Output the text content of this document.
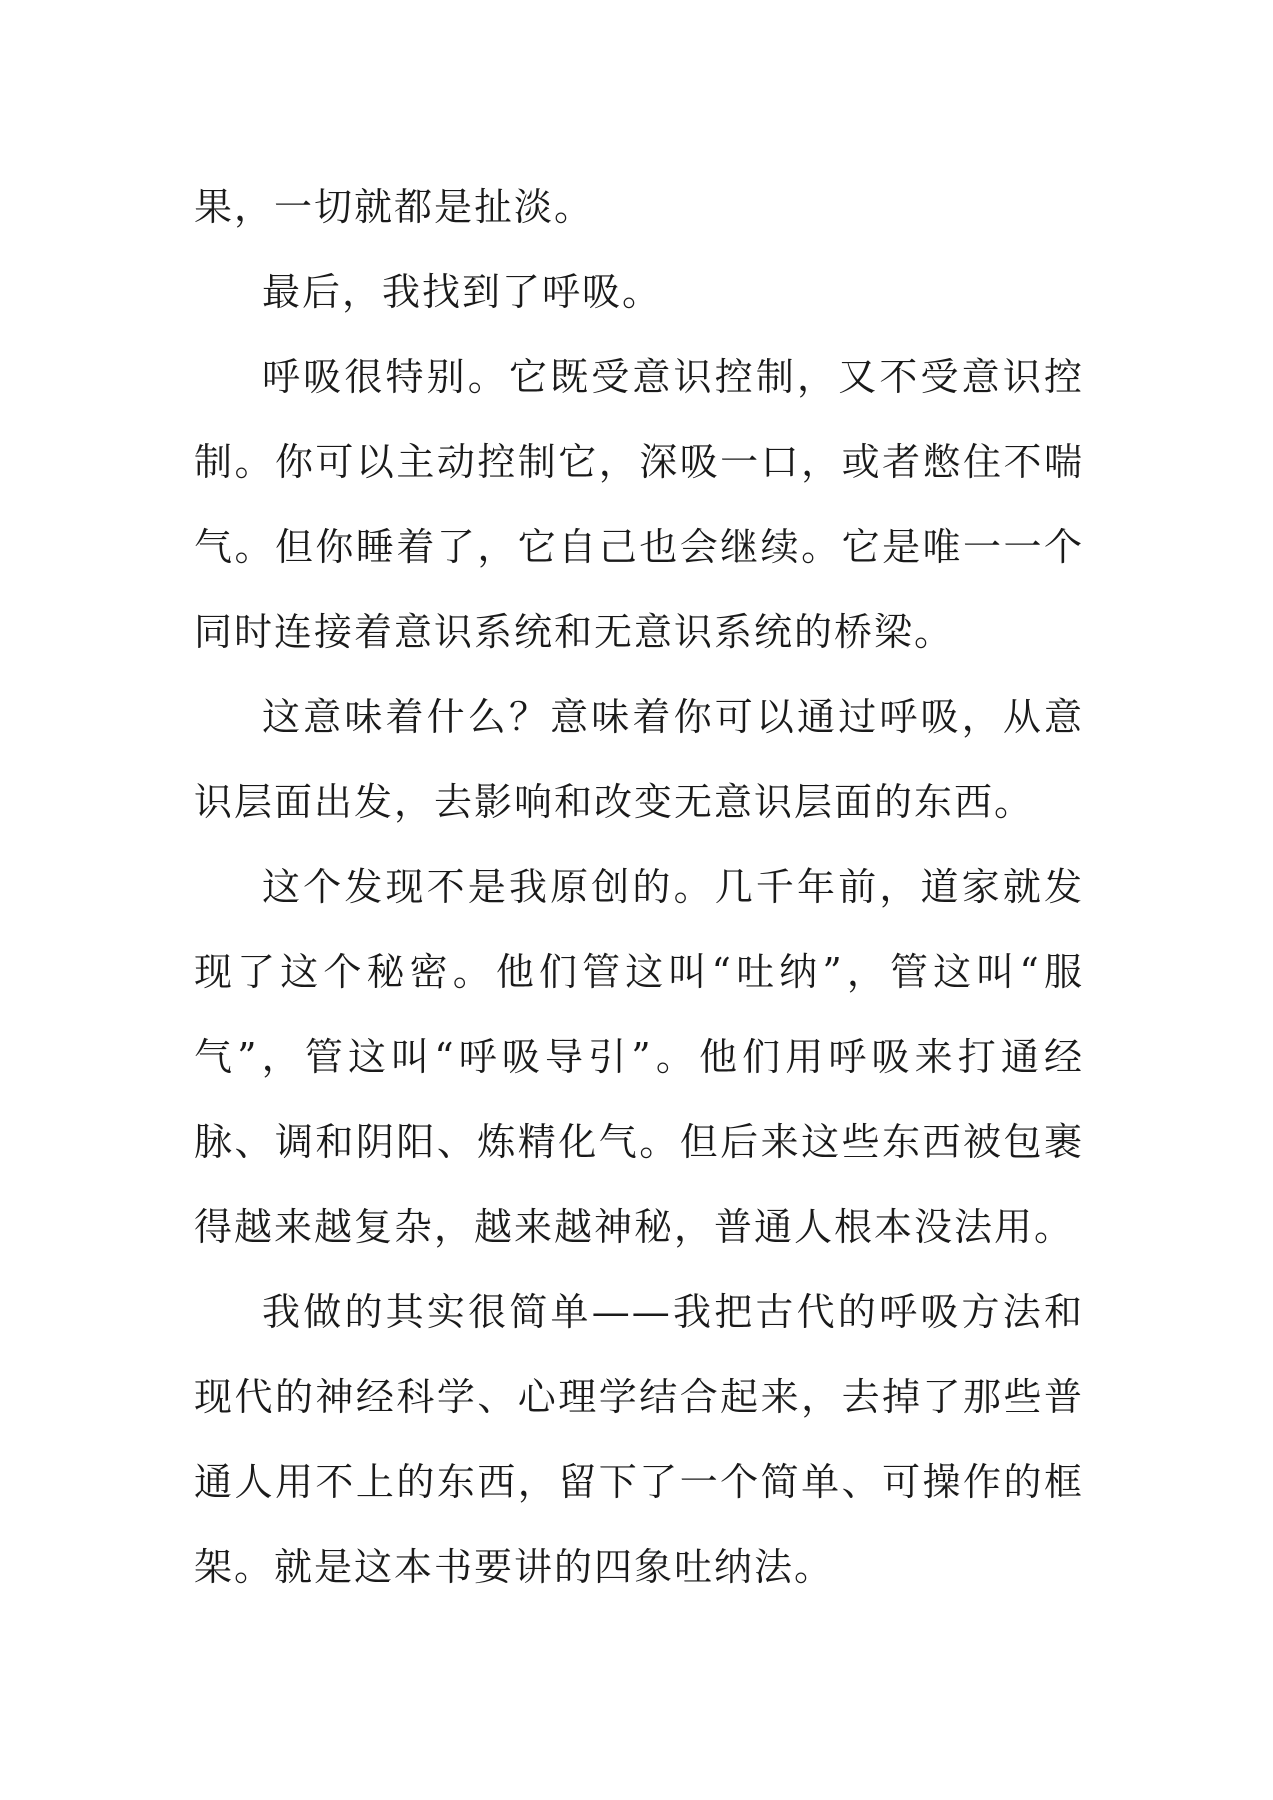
果，一切就都是扯淡。

最后，我找到了呼吸。

呼吸很特别。它既受意识控制，又不受意识控制。你可以主动控制它，深吸一口，或者憋住不喘气。但你睡着了，它自己也会继续。它是唯一一个同时连接着意识系统和无意识系统的桥梁。

这意味着什么？意味着你可以通过呼吸，从意识层面出发，去影响和改变无意识层面的东西。

这个发现不是我原创的。几千年前，道家就发现了这个秘密。他们管这叫“吐纳”，管这叫“服气”，管这叫“呼吸导引”。他们用呼吸来打通经脉、调和阴阳、炼精化气。但后来这些东西被包裹得越来越复杂，越来越神秘，普通人根本没法用。

我做的其实很简单——我把古代的呼吸方法和现代的神经科学、心理学结合起来，去掉了那些普通人用不上的东西，留下了一个简单、可操作的框架。就是这本书要讲的四象吐纳法。
